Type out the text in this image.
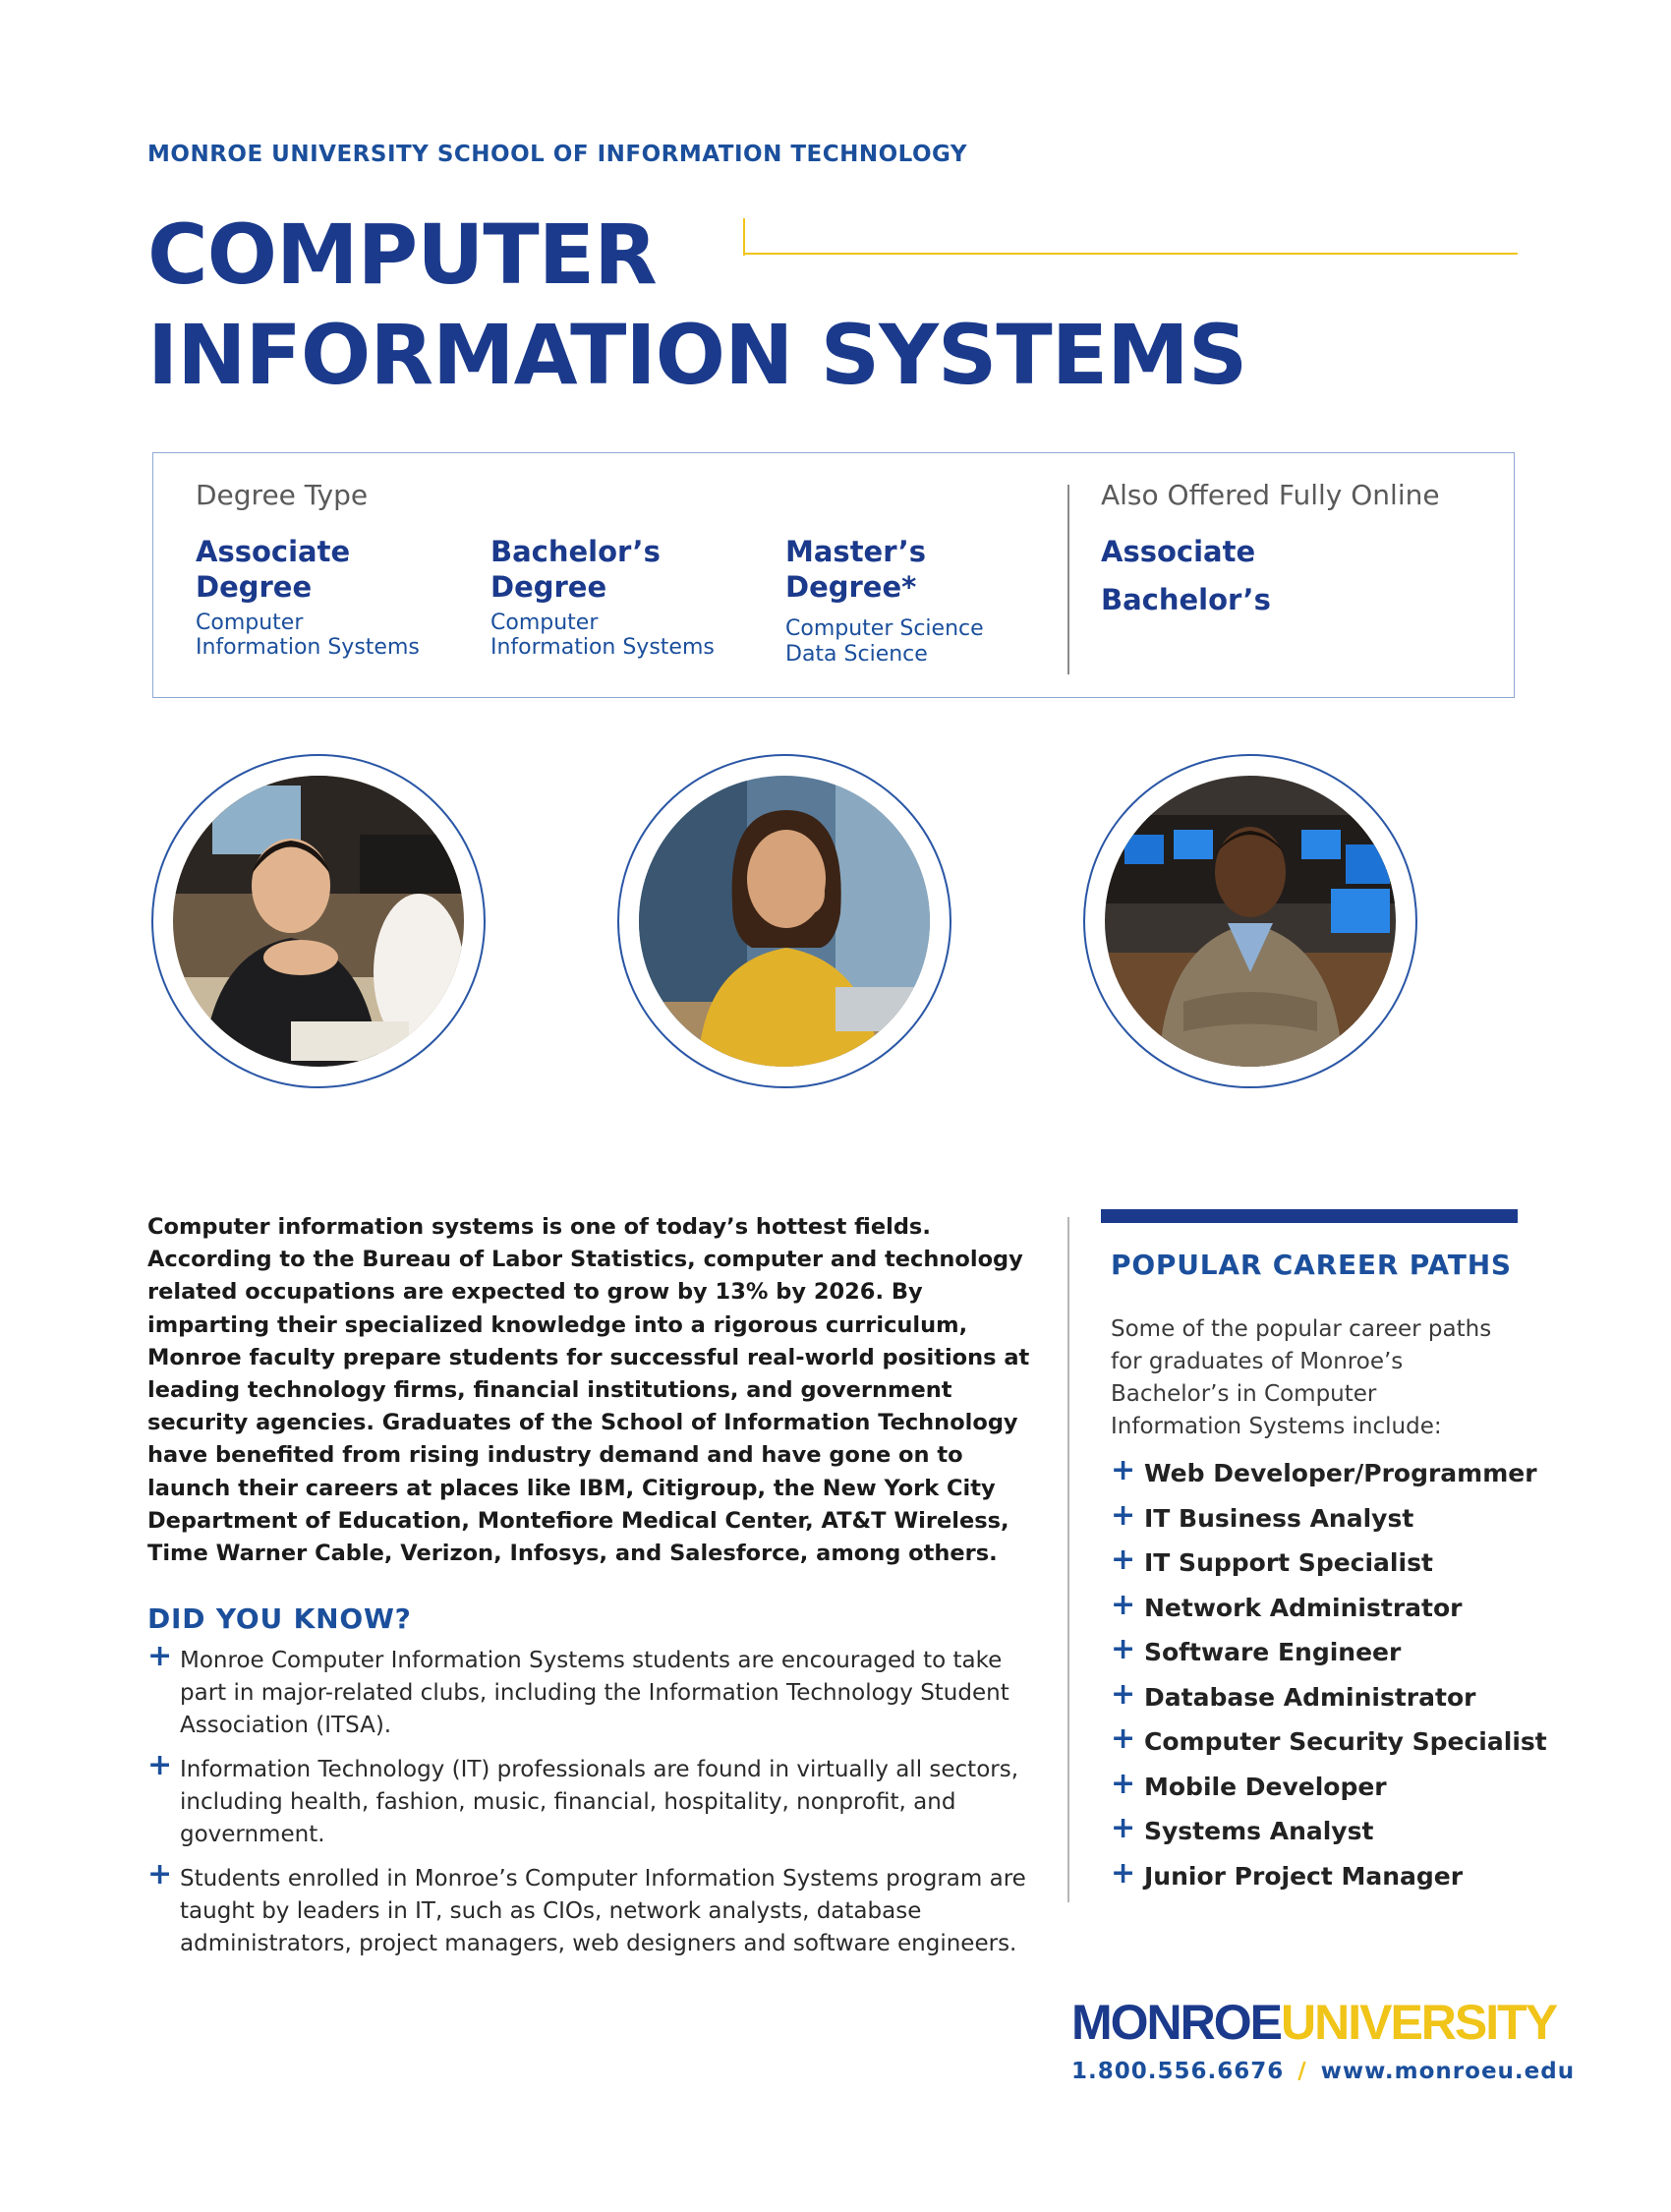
MONROE UNIVERSITY SCHOOL OF INFORMATION TECHNOLOGY
COMPUTER
INFORMATION SYSTEMS
Degree Type
Associate
Degree
Computer
Information Systems
Bachelor’s
Degree
Computer
Information Systems
Master’s
Degree*
Computer Science
Data Science
Also Offered Fully Online
Associate
Bachelor’s
Computer information systems is one of today’s hottest fields. According to the Bureau of Labor Statistics, computer and technology related occupations are expected to grow by 13% by 2026. By imparting their specialized knowledge into a rigorous curriculum, Monroe faculty prepare students for successful real-world positions at leading technology firms, financial institutions, and government security agencies. Graduates of the School of Information Technology have benefited from rising industry demand and have gone on to launch their careers at places like IBM, Citigroup, the New York City Department of Education, Montefiore Medical Center, AT&T Wireless, Time Warner Cable, Verizon, Infosys, and Salesforce, among others.
DID YOU KNOW?
+ Monroe Computer Information Systems students are encouraged to take part in major-related clubs, including the Information Technology Student Association (ITSA).
+ Information Technology (IT) professionals are found in virtually all sectors, including health, fashion, music, financial, hospitality, nonprofit, and government.
+ Students enrolled in Monroe’s Computer Information Systems program are taught by leaders in IT, such as CIOs, network analysts, database administrators, project managers, web designers and software engineers.
POPULAR CAREER PATHS
Some of the popular career paths for graduates of Monroe’s Bachelor’s in Computer Information Systems include:
+ Web Developer/Programmer
+ IT Business Analyst
+ IT Support Specialist
+ Network Administrator
+ Software Engineer
+ Database Administrator
+ Computer Security Specialist
+ Mobile Developer
+ Systems Analyst
+ Junior Project Manager
MONROEUNIVERSITY
1.800.556.6676 / www.monroeu.edu
